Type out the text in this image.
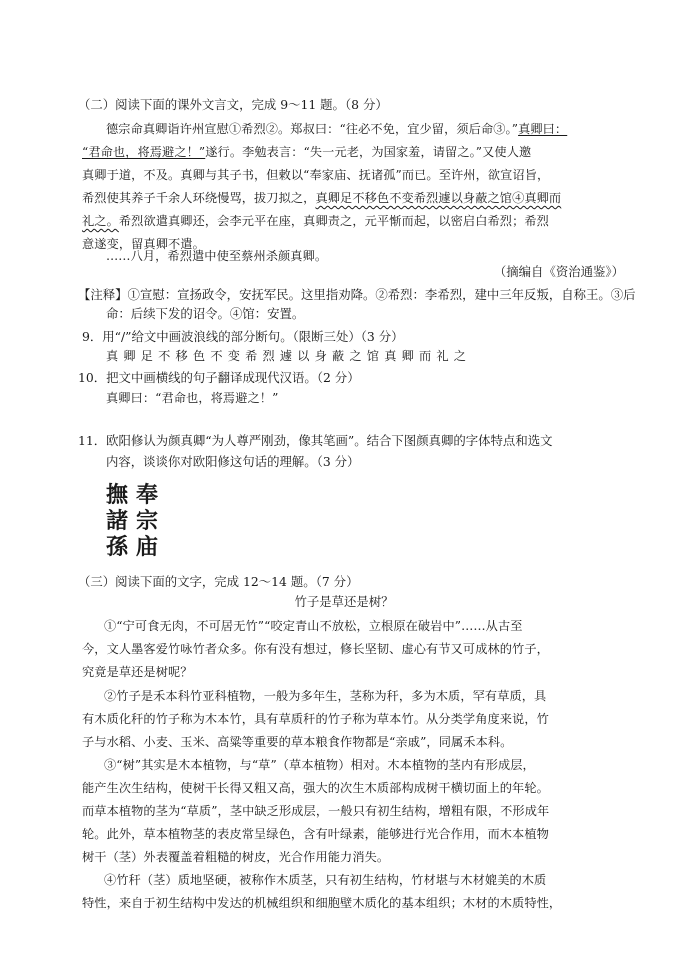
（二）阅读下面的课外文言文，完成 9～11 题。（8 分）
德宗命真卿诣许州宣慰①希烈②。郑叔曰：“往必不免，宜少留，须后命③。”真卿曰：
“君命也，将焉避之！”遂行。李勉表言：“失一元老，为国家羞，请留之。”又使人邀
真卿于道，不及。真卿与其子书，但敕以“奉家庙、抚诸孤”而已。至许州，欲宣诏旨，
希烈使其养子千余人环绕慢骂，拔刀拟之，真卿足不移色不变希烈遽以身蔽之馆④真卿而
礼之。希烈欲遣真卿还，会李元平在座，真卿责之，元平惭而起，以密启白希烈；希烈
意遂变，留真卿不遣。
……八月，希烈遣中使至蔡州杀颜真卿。
（摘编自《资治通鉴》）
【注释】①宣慰：宣扬政令，安抚军民。这里指劝降。②希烈：李希烈，建中三年反叛，自称王。③后
命：后续下发的诏令。④馆：安置。
9．用“/”给文中画波浪线的部分断句。（限断三处）（3 分）
真卿足不移色不变希烈遽以身蔽之馆真卿而礼之
10．把文中画横线的句子翻译成现代汉语。（2 分）
真卿曰：“君命也，将焉避之！”
11．欧阳修认为颜真卿“为人尊严刚劲，像其笔画”。结合下图颜真卿的字体特点和选文
内容，谈谈你对欧阳修这句话的理解。（3 分）
撫
諸
孫
奉
宗
庙
（三）阅读下面的文字，完成 12～14 题。（7 分）
竹子是草还是树？
①“宁可食无肉，不可居无竹”“咬定青山不放松，立根原在破岩中”……从古至
今，文人墨客爱竹咏竹者众多。你有没有想过，修长坚韧、虚心有节又可成林的竹子，
究竟是草还是树呢？
②竹子是禾本科竹亚科植物，一般为多年生，茎称为秆，多为木质，罕有草质，具
有木质化秆的竹子称为木本竹，具有草质秆的竹子称为草本竹。从分类学角度来说，竹
子与水稻、小麦、玉米、高粱等重要的草本粮食作物都是“亲戚”，同属禾本科。
③“树”其实是木本植物，与“草”（草本植物）相对。木本植物的茎内有形成层，
能产生次生结构，使树干长得又粗又高，强大的次生木质部构成树干横切面上的年轮。
而草本植物的茎为“草质”，茎中缺乏形成层，一般只有初生结构，增粗有限，不形成年
轮。此外，草本植物茎的表皮常呈绿色，含有叶绿素，能够进行光合作用，而木本植物
树干（茎）外表覆盖着粗糙的树皮，光合作用能力消失。
④竹秆（茎）质地坚硬，被称作木质茎，只有初生结构，竹材堪与木材媲美的木质
特性，来自于初生结构中发达的机械组织和细胞壁木质化的基本组织；木材的木质特性，
